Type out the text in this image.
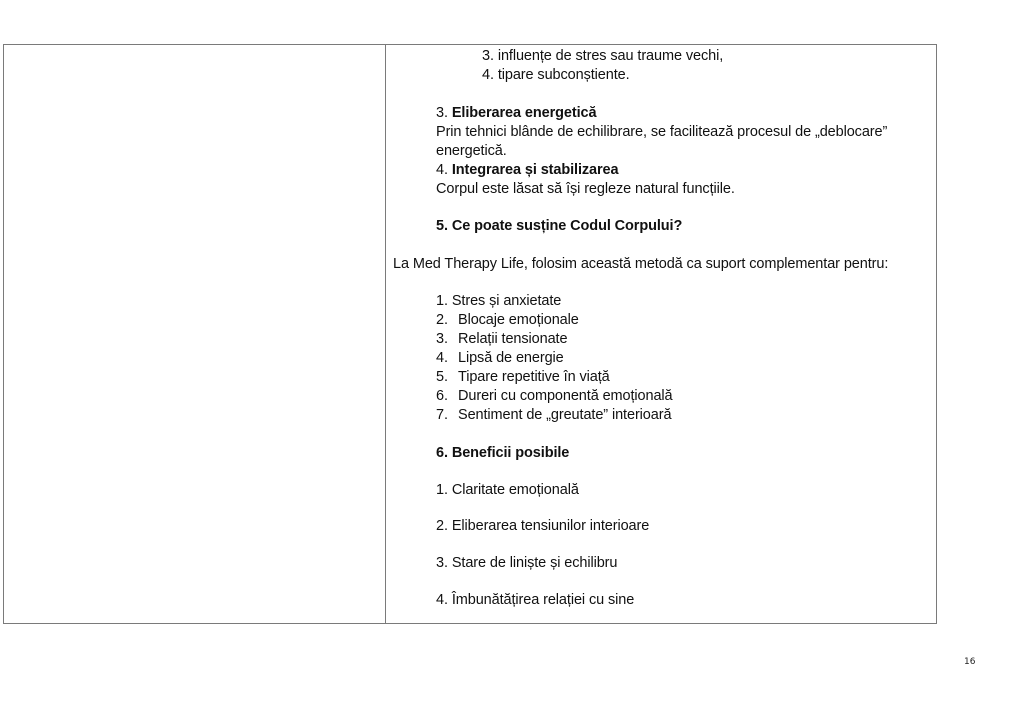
3. influențe de stres sau traume vechi,
4. tipare subconștiente.
3. Eliberarea energetică
Prin tehnici blânde de echilibrare, se facilitează procesul de „deblocare”
energetică.
4. Integrarea și stabilizarea
Corpul este lăsat să își regleze natural funcțiile.
5. Ce poate susține Codul Corpului?
La Med Therapy Life, folosim această metodă ca suport complementar pentru:
1. Stres și anxietate
2. Blocaje emoționale
3. Relații tensionate
4. Lipsă de energie
5. Tipare repetitive în viață
6. Dureri cu componentă emoțională
7. Sentiment de „greutate” interioară
6. Beneficii posibile
1. Claritate emoțională
2. Eliberarea tensiunilor interioare
3. Stare de liniște și echilibru
4. Îmbunătățirea relației cu sine
16
